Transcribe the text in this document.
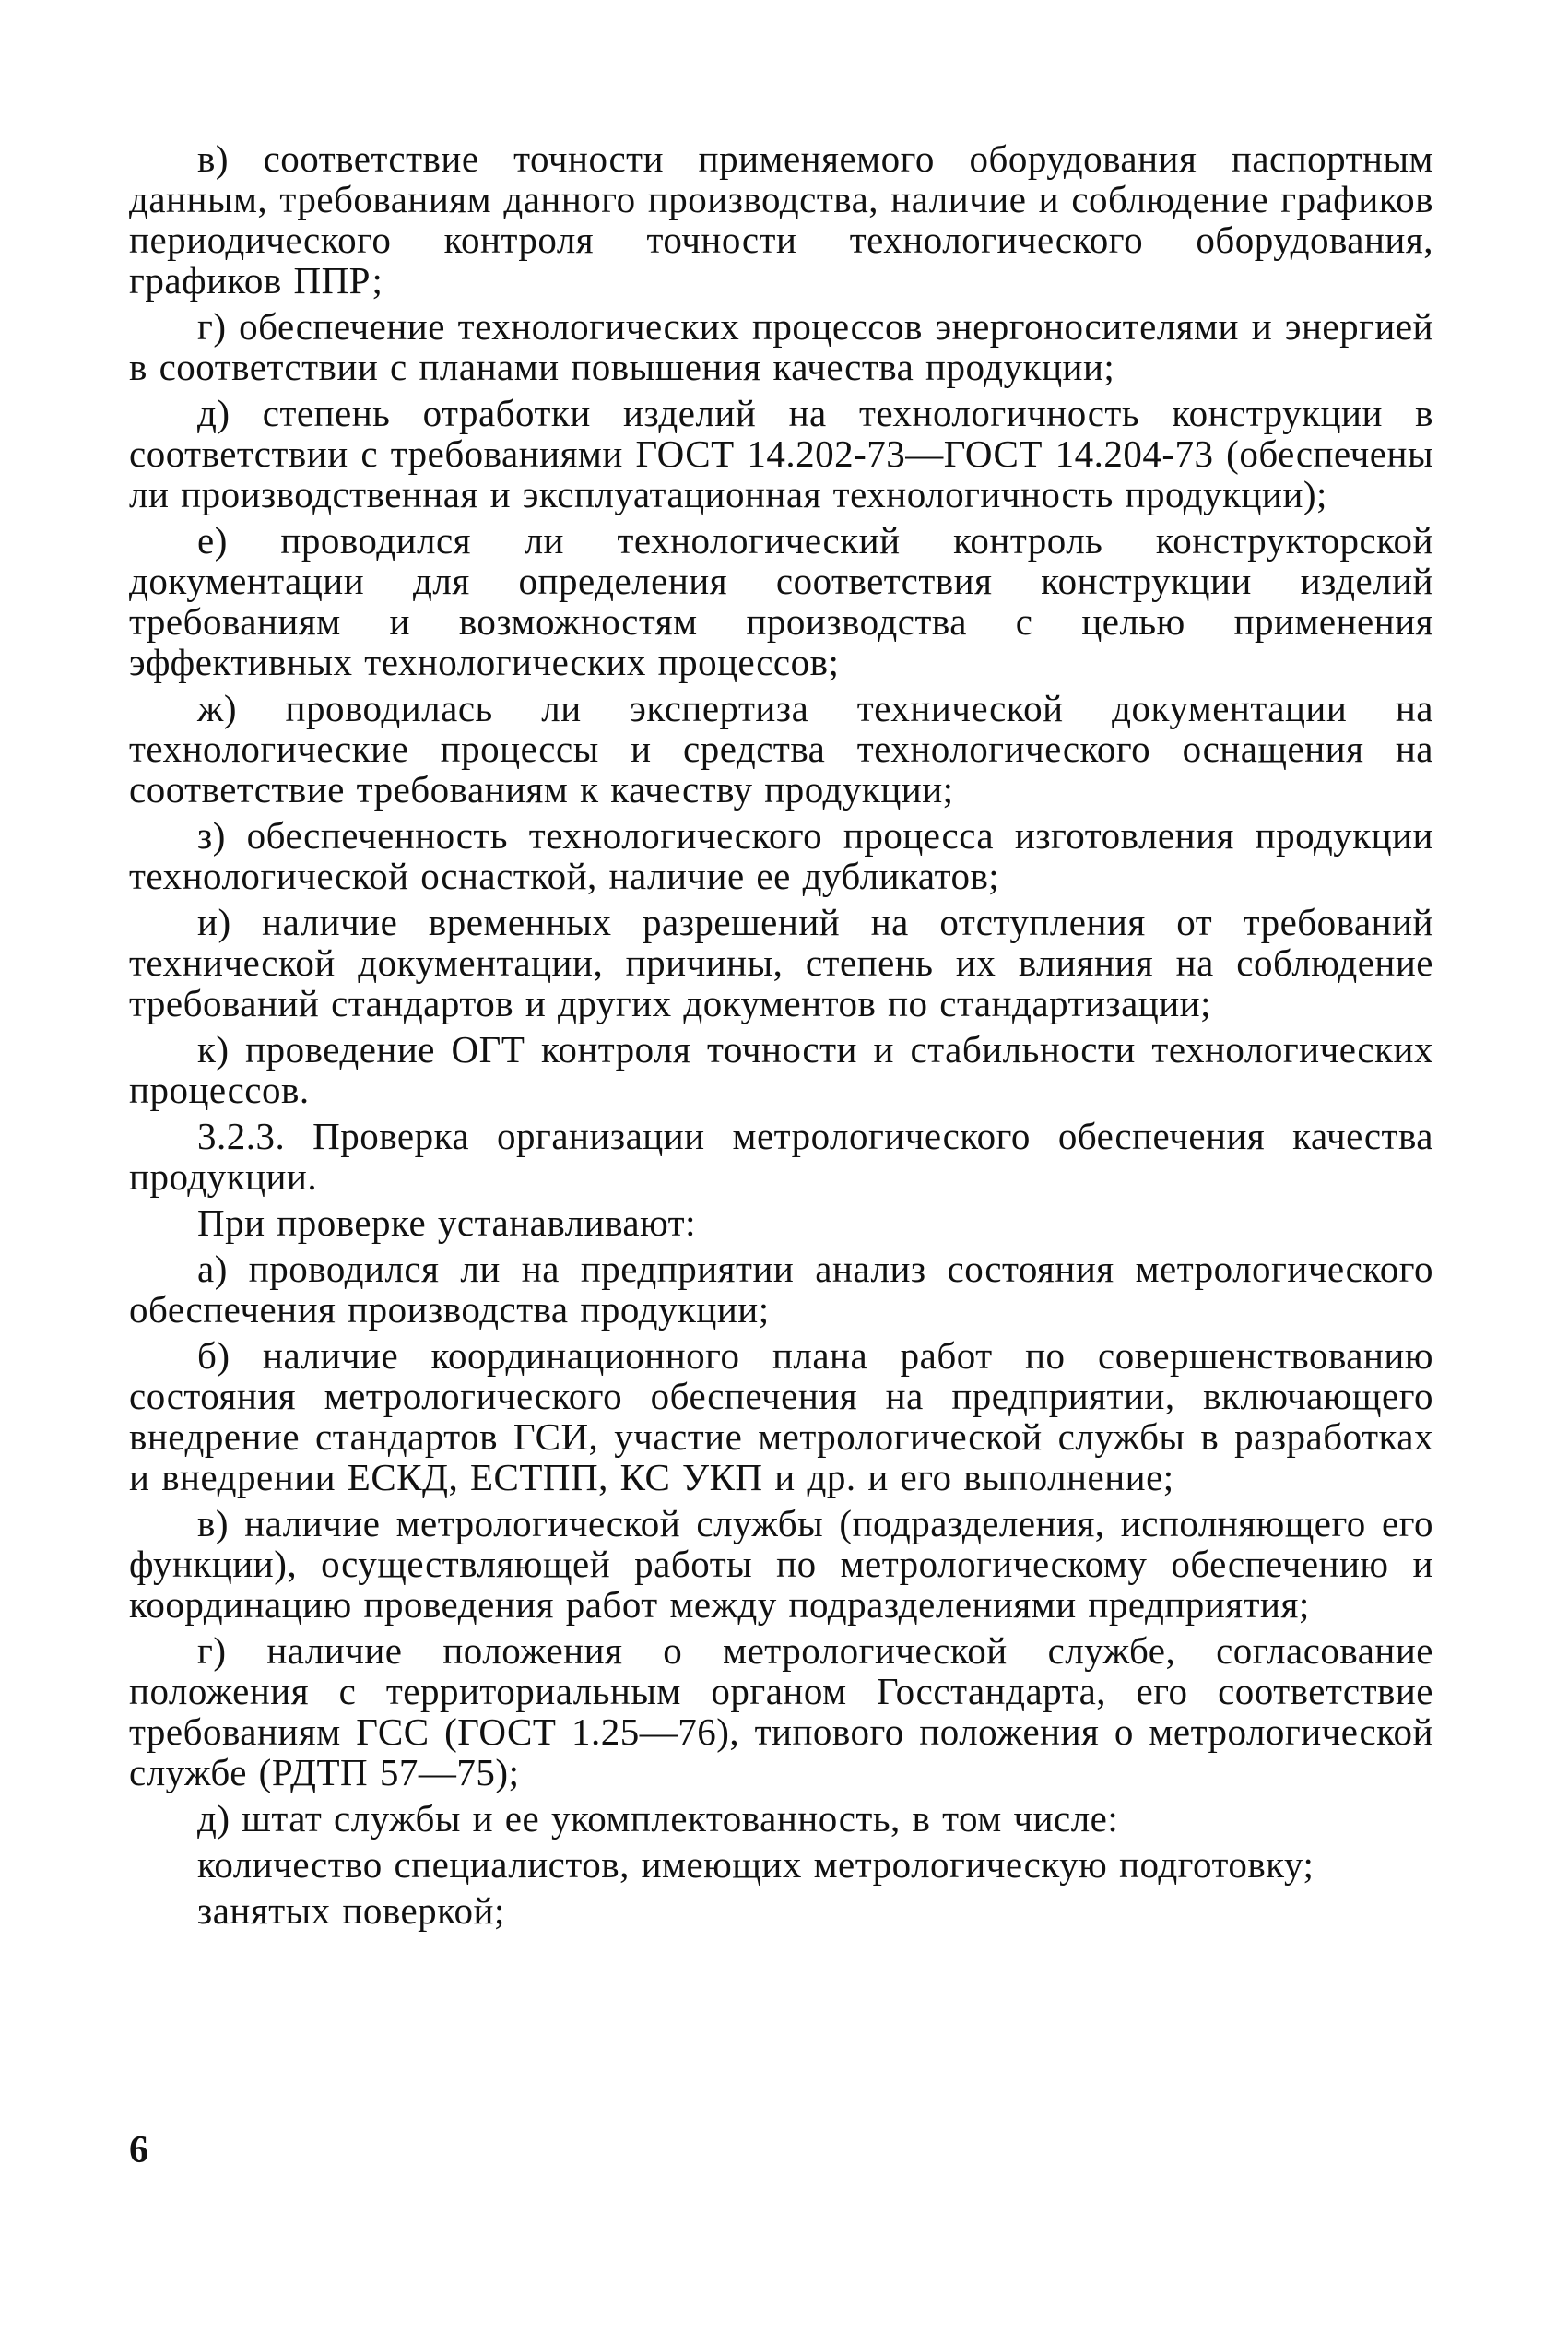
в) соответствие точности применяемого оборудования паспортным данным, требованиям данного производства, наличие и соблюдение графиков периодического контроля точности технологического оборудования, графиков ППР;

г) обеспечение технологических процессов энергоносителями и энергией в соответствии с планами повышения качества продукции;

д) степень отработки изделий на технологичность конструкции в соответствии с требованиями ГОСТ 14.202-73—ГОСТ 14.204-73 (обеспечены ли производственная и эксплуатационная технологичность продукции);

е) проводился ли технологический контроль конструкторской документации для определения соответствия конструкции изделий требованиям и возможностям производства с целью применения эффективных технологических процессов;

ж) проводилась ли экспертиза технической документации на технологические процессы и средства технологического оснащения на соответствие требованиям к качеству продукции;

з) обеспеченность технологического процесса изготовления продукции технологической оснасткой, наличие ее дубликатов;

и) наличие временных разрешений на отступления от требований технической документации, причины, степень их влияния на соблюдение требований стандартов и других документов по стандартизации;

к) проведение ОГТ контроля точности и стабильности технологических процессов.

3.2.3. Проверка организации метрологического обеспечения качества продукции.

При проверке устанавливают:

а) проводился ли на предприятии анализ состояния метрологического обеспечения производства продукции;

б) наличие координационного плана работ по совершенствованию состояния метрологического обеспечения на предприятии, включающего внедрение стандартов ГСИ, участие метрологической службы в разработках и внедрении ЕСКД, ЕСТПП, КС УКП и др. и его выполнение;

в) наличие метрологической службы (подразделения, исполняющего его функции), осуществляющей работы по метрологическому обеспечению и координацию проведения работ между подразделениями предприятия;

г) наличие положения о метрологической службе, согласование положения с территориальным органом Госстандарта, его соответствие требованиям ГСС (ГОСТ 1.25—76), типового положения о метрологической службе (РДТП 57—75);

д) штат службы и ее укомплектованность, в том числе:

количество специалистов, имеющих метрологическую подготовку;

занятых поверкой;

6
